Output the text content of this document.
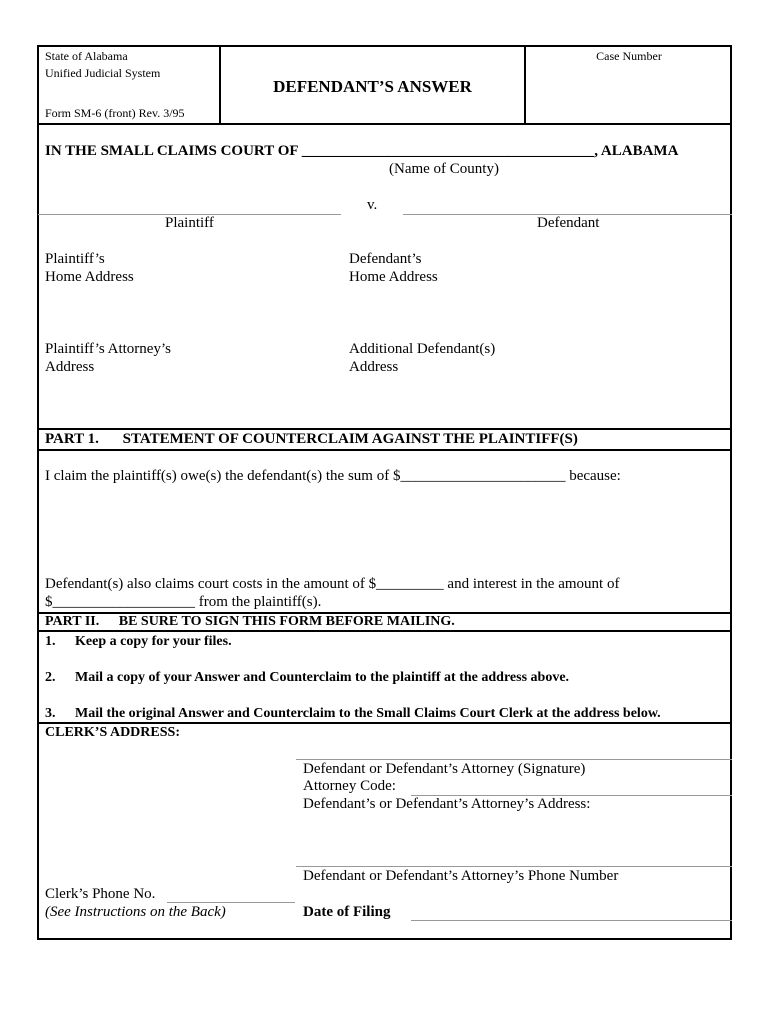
State of Alabama
Unified Judicial System
Form SM-6 (front) Rev. 3/95
DEFENDANT’S ANSWER
Case Number
IN THE SMALL CLAIMS COURT OF _______________________________________, ALABAMA
(Name of County)
v.
Plaintiff	Defendant
Plaintiff’s
Home Address
Defendant’s
Home Address
Plaintiff’s Attorney’s
Address
Additional Defendant(s)
Address
PART 1. STATEMENT OF COUNTERCLAIM AGAINST THE PLAINTIFF(S)
I claim the plaintiff(s) owe(s) the defendant(s) the sum of $______________________ because:
Defendant(s) also claims court costs in the amount of $_________ and interest in the amount of
$___________________ from the plaintiff(s).
PART II. BE SURE TO SIGN THIS FORM BEFORE MAILING.
1. Keep a copy for your files.
2. Mail a copy of your Answer and Counterclaim to the plaintiff at the address above.
3. Mail the original Answer and Counterclaim to the Small Claims Court Clerk at the address below.
CLERK’S ADDRESS:
Defendant or Defendant’s Attorney (Signature)
Attorney Code:
Defendant’s or Defendant’s Attorney’s Address:
Defendant or Defendant’s Attorney’s Phone Number
Clerk’s Phone No.
(See Instructions on the Back)	Date of Filing
